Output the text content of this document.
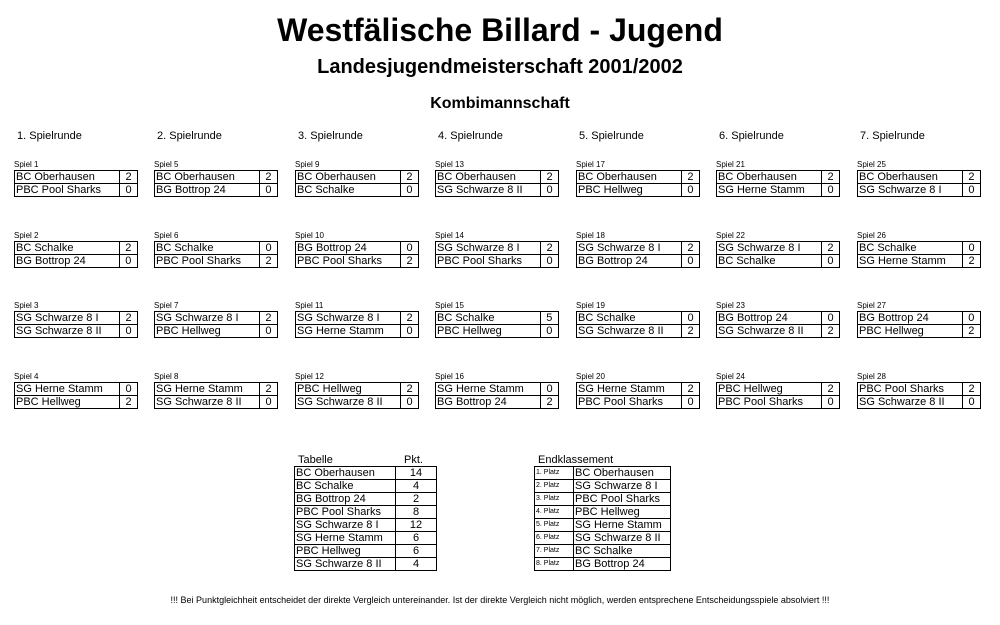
Westfälische Billard - Jugend
Landesjugendmeisterschaft 2001/2002
Kombimannschaft
1. Spielrunde
Spiel 1
BC Oberhausen	2
PBC Pool Sharks	0
Spiel 2
BC Schalke	2
BG Bottrop 24	0
Spiel 3
SG Schwarze 8 I	2
SG Schwarze 8 II	0
Spiel 4
SG Herne Stamm	0
PBC Hellweg	2
2. Spielrunde
Spiel 5
BC Oberhausen	2
BG Bottrop 24	0
Spiel 6
BC Schalke	0
PBC Pool Sharks	2
Spiel 7
SG Schwarze 8 I	2
PBC Hellweg	0
Spiel 8
SG Herne Stamm	2
SG Schwarze 8 II	0
3. Spielrunde
Spiel 9
BC Oberhausen	2
BC Schalke	0
Spiel 10
BG Bottrop 24	0
PBC Pool Sharks	2
Spiel 11
SG Schwarze 8 I	2
SG Herne Stamm	0
Spiel 12
PBC Hellweg	2
SG Schwarze 8 II	0
4. Spielrunde
Spiel 13
BC Oberhausen	2
SG Schwarze 8 II	0
Spiel 14
SG Schwarze 8 I	2
PBC Pool Sharks	0
Spiel 15
BC Schalke	5
PBC Hellweg	0
Spiel 16
SG Herne Stamm	0
BG Bottrop 24	2
5. Spielrunde
Spiel 17
BC Oberhausen	2
PBC Hellweg	0
Spiel 18
SG Schwarze 8 I	2
BG Bottrop 24	0
Spiel 19
BC Schalke	0
SG Schwarze 8 II	2
Spiel 20
SG Herne Stamm	2
PBC Pool Sharks	0
6. Spielrunde
Spiel 21
BC Oberhausen	2
SG Herne Stamm	0
Spiel 22
SG Schwarze 8 I	2
BC Schalke	0
Spiel 23
BG Bottrop 24	0
SG Schwarze 8 II	2
Spiel 24
PBC Hellweg	2
PBC Pool Sharks	0
7. Spielrunde
Spiel 25
BC Oberhausen	2
SG Schwarze 8 I	0
Spiel 26
BC Schalke	0
SG Herne Stamm	2
Spiel 27
BG Bottrop 24	0
PBC Hellweg	2
Spiel 28
PBC Pool Sharks	2
SG Schwarze 8 II	0
Tabelle	Pkt.
BC Oberhausen	14
BC Schalke	4
BG Bottrop 24	2
PBC Pool Sharks	8
SG Schwarze 8 I	12
SG Herne Stamm	6
PBC Hellweg	6
SG Schwarze 8 II	4
Endklassement
1. Platz	BC Oberhausen
2. Platz	SG Schwarze 8 I
3. Platz	PBC Pool Sharks
4. Platz	PBC Hellweg
5. Platz	SG Herne Stamm
6. Platz	SG Schwarze 8 II
7. Platz	BC Schalke
8. Platz	BG Bottrop 24
!!! Bei Punktgleichheit entscheidet der direkte Vergleich untereinander. Ist der direkte Vergleich nicht möglich, werden entsprechene Entscheidungsspiele absolviert !!!
